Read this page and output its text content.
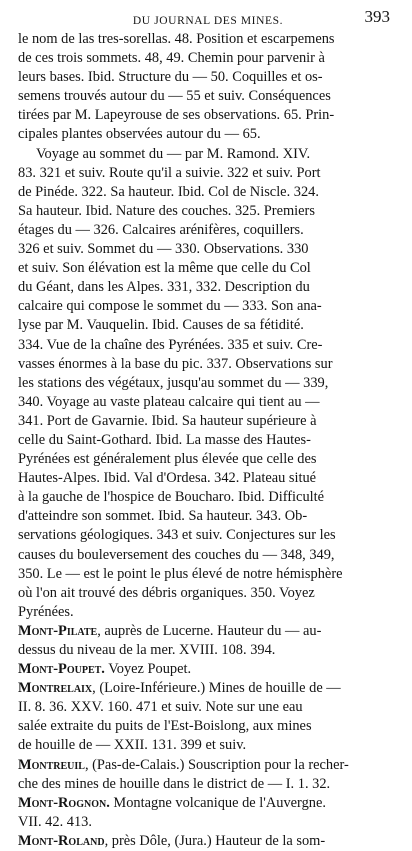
DU JOURNAL DES MINES.	393
le nom de las tres-sorellas. 48. Position et escarpemens
de ces trois sommets. 48, 49. Chemin pour parvenir à
leurs bases. Ibid. Structure du — 50. Coquilles et os-
semens trouvés autour du — 55 et suiv. Conséquences
tirées par M. Lapeyrouse de ses observations. 65. Prin-
cipales plantes observées autour du — 65.
Voyage au sommet du — par M. Ramond. XIV.
83. 321 et suiv. Route qu'il a suivie. 322 et suiv. Port
de Pinéde. 322. Sa hauteur. Ibid. Col de Niscle. 324.
Sa hauteur. Ibid. Nature des couches. 325. Premiers
étages du — 326. Calcaires arénifères, coquillers.
326 et suiv. Sommet du — 330. Observations. 330
et suiv. Son élévation est la même que celle du Col
du Géant, dans les Alpes. 331, 332. Description du
calcaire qui compose le sommet du — 333. Son ana-
lyse par M. Vauquelin. Ibid. Causes de sa fétidité.
334. Vue de la chaîne des Pyrénées. 335 et suiv. Cre-
vasses énormes à la base du pic. 337. Observations sur
les stations des végétaux, jusqu'au sommet du — 339,
340. Voyage au vaste plateau calcaire qui tient au —
341. Port de Gavarnie. Ibid. Sa hauteur supérieure à
celle du Saint-Gothard. Ibid. La masse des Hautes-
Pyrénées est généralement plus élevée que celle des
Hautes-Alpes. Ibid. Val d'Ordesa. 342. Plateau situé
à la gauche de l'hospice de Boucharo. Ibid. Difficulté
d'atteindre son sommet. Ibid. Sa hauteur. 343. Ob-
servations géologiques. 343 et suiv. Conjectures sur les
causes du bouleversement des couches du — 348, 349,
350. Le — est le point le plus élevé de notre hémisphère
où l'on ait trouvé des débris organiques. 350. Voyez
Pyrénées.
Mont-Pilate, auprès de Lucerne. Hauteur du — au-
dessus du niveau de la mer. XVIII. 108. 394.
Mont-Poupet. Voyez Poupet.
Montrelaix, (Loire-Inférieure.) Mines de houille de —
II. 8. 36. XXV. 160. 471 et suiv. Note sur une eau
salée extraite du puits de l'Est-Boislong, aux mines
de houille de — XXII. 131. 399 et suiv.
Montreuil, (Pas-de-Calais.) Souscription pour la recher-
che des mines de houille dans le district de — I. 1. 32.
Mont-Rognon. Montagne volcanique de l'Auvergne.
VII. 42. 413.
Mont-Roland, près Dôle, (Jura.) Hauteur de la som-
